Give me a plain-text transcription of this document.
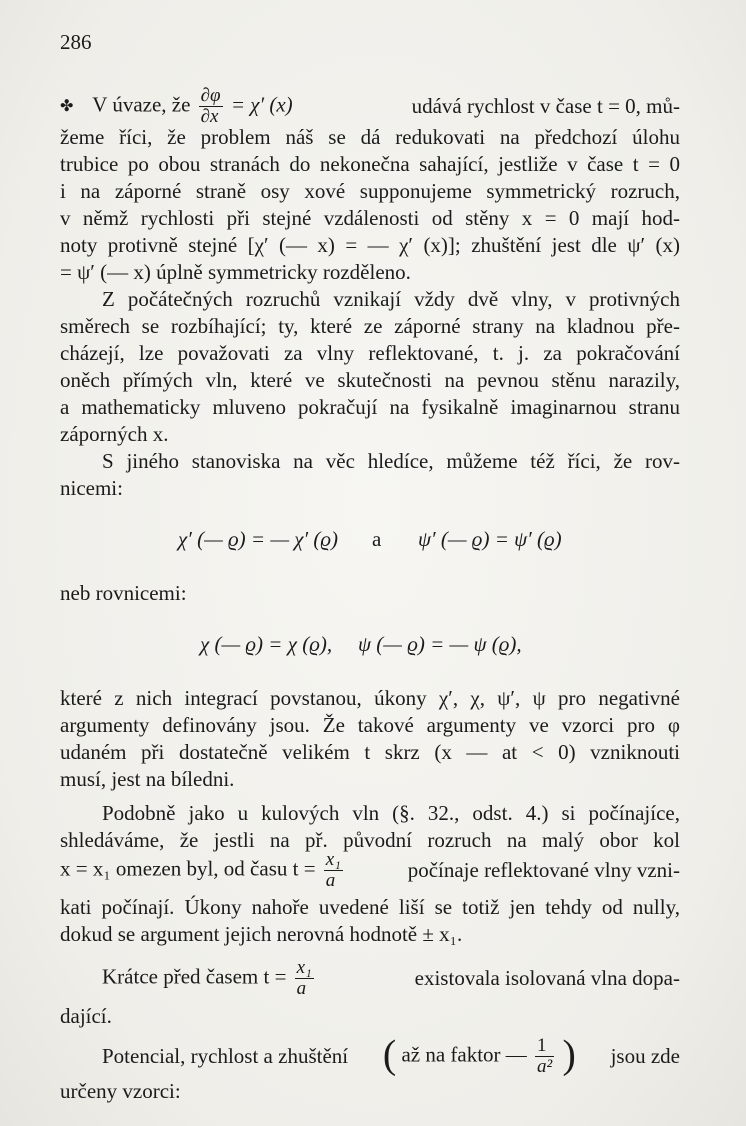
286
✤ V úvaze, že $\frac{\partial\varphi}{\partial x} = \chi'$ (x)	udává rychlost v čase t = 0, mů-
žeme říci, že problem náš se dá redukovati na předchozí úlohu
trubice po obou stranách do nekonečna sahající, jestliže v čase t = 0
i na záporné straně osy xové supponujeme symmetrický rozruch,
v němž rychlosti při stejné vzdálenosti od stěny x = 0 mají hod-
noty protivně stejné [χ′ (— x) = — χ′ (x)]; zhuštění jest dle ψ′ (x)
= ψ′ (— x) úplně symmetricky rozděleno.
Z počátečných rozruchů vznikají vždy dvě vlny, v protivných
směrech se rozbíhající; ty, které ze záporné strany na kladnou pře-
cházejí, lze považovati za vlny reflektované, t. j. za pokračování
oněch přímých vln, které ve skutečnosti na pevnou stěnu narazily,
a mathematicky mluveno pokračují na fysikalně imaginarnou stranu
záporných x.
S jiného stanoviska na věc hledíce, můžeme též říci, že rov-
nicemi:
χ′ (— ϱ) = — χ′ (ϱ) a ψ′ (— ϱ) = ψ′ (ϱ)
neb rovnicemi:
χ (— ϱ) = χ (ϱ), ψ (— ϱ) = — ψ (ϱ),
které z nich integrací povstanou, úkony χ′, χ, ψ′, ψ pro negativné
argumenty definovány jsou. Že takové argumenty ve vzorci pro φ
udaném při dostatečně velikém t skrz (x — at < 0) vzniknouti
musí, jest na bíledni.
Podobně jako u kulových vln (§. 32., odst. 4.) si počínajíce,
shledáváme, že jestli na př. původní rozruch na malý obor kol
x = x₁ omezen byl, od času $t = \frac{\text{x₁}}{a}$	počínaje reflektované vlny vzni-
kati počínají. Úkony nahoře uvedené liší se totiž jen tehdy od nully,
dokud se argument jejich nerovná hodnotě ± x₁.
Krátce před časem $t = \frac{\text{x₁}}{a}$	existovala isolovaná vlna dopa-
dající.
Potencial, rychlost a zhuštění ( až na faktor — $\frac{1}{\text{a²}}$ ) jsou zde
určeny vzorci:
